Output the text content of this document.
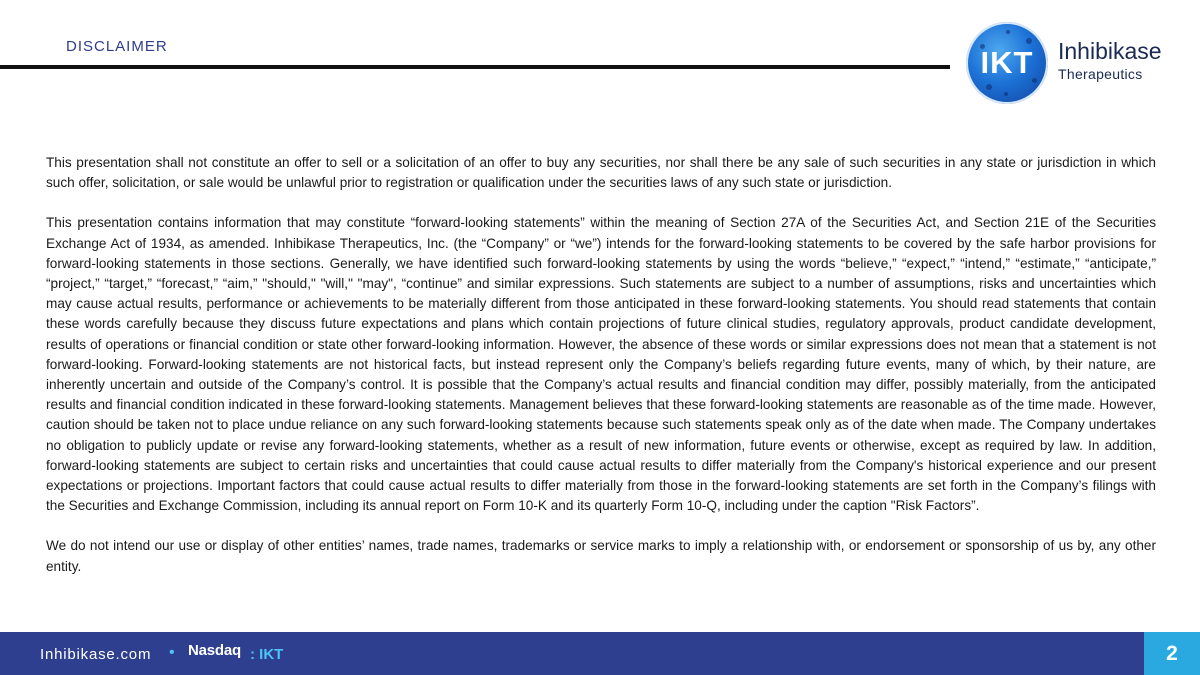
DISCLAIMER	IKT	Inhibikase
Therapeutics

This presentation shall not constitute an offer to sell or a solicitation of an offer to buy any securities, nor shall there be any sale of such securities in any state or jurisdiction in which such offer, solicitation, or sale would be unlawful prior to registration or qualification under the securities laws of any such state or jurisdiction.

This presentation contains information that may constitute “forward-looking statements” within the meaning of Section 27A of the Securities Act, and Section 21E of the Securities Exchange Act of 1934, as amended. Inhibikase Therapeutics, Inc. (the “Company” or “we”) intends for the forward-looking statements to be covered by the safe harbor provisions for forward-looking statements in those sections. Generally, we have identified such forward-looking statements by using the words “believe,” “expect,” “intend,” “estimate,” “anticipate,” “project,” “target,” “forecast,” “aim,” "should," "will," "may", “continue” and similar expressions. Such statements are subject to a number of assumptions, risks and uncertainties which may cause actual results, performance or achievements to be materially different from those anticipated in these forward-looking statements. You should read statements that contain these words carefully because they discuss future expectations and plans which contain projections of future clinical studies, regulatory approvals, product candidate development, results of operations or financial condition or state other forward-looking information. However, the absence of these words or similar expressions does not mean that a statement is not forward-looking. Forward-looking statements are not historical facts, but instead represent only the Company’s beliefs regarding future events, many of which, by their nature, are inherently uncertain and outside of the Company’s control. It is possible that the Company’s actual results and financial condition may differ, possibly materially, from the anticipated results and financial condition indicated in these forward-looking statements. Management believes that these forward-looking statements are reasonable as of the time made. However, caution should be taken not to place undue reliance on any such forward-looking statements because such statements speak only as of the date when made. The Company undertakes no obligation to publicly update or revise any forward-looking statements, whether as a result of new information, future events or otherwise, except as required by law. In addition, forward-looking statements are subject to certain risks and uncertainties that could cause actual results to differ materially from the Company's historical experience and our present expectations or projections. Important factors that could cause actual results to differ materially from those in the forward-looking statements are set forth in the Company’s filings with the Securities and Exchange Commission, including its annual report on Form 10-K and its quarterly Form 10-Q, including under the caption "Risk Factors”.

We do not intend our use or display of other entities’ names, trade names, trademarks or service marks to imply a relationship with, or endorsement or sponsorship of us by, any other entity.

Inhibikase.com • Nasdaq : IKT	2
